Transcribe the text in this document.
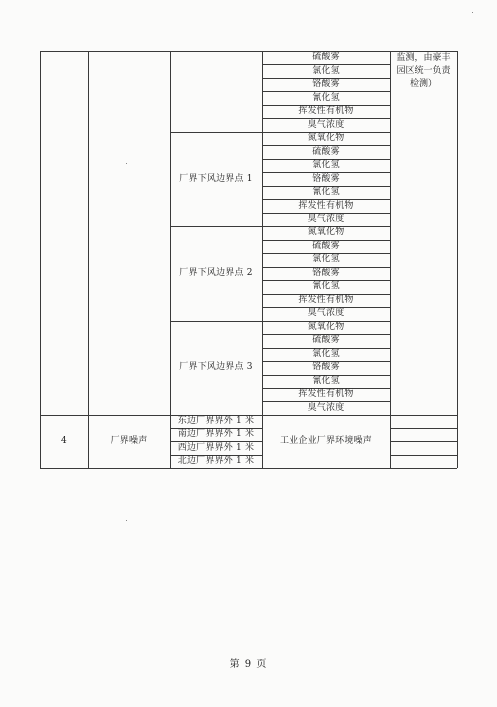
硫酸雾
氯化氢
铬酸雾
氰化氢
挥发性有机物
臭气浓度
监测，由豪丰园区统一负责检测）
厂界下风边界点 1
氮氧化物
硫酸雾
氯化氢
铬酸雾
氰化氢
挥发性有机物
臭气浓度
厂界下风边界点 2
氮氧化物
硫酸雾
氯化氢
铬酸雾
氰化氢
挥发性有机物
臭气浓度
厂界下风边界点 3
氮氧化物
硫酸雾
氯化氢
铬酸雾
氰化氢
挥发性有机物
臭气浓度
4	厂界噪声	工业企业厂界环境噪声
东边厂界界外 1 米
南边厂界界外 1 米
西边厂界界外 1 米
北边厂界界外 1 米
第 9 页
